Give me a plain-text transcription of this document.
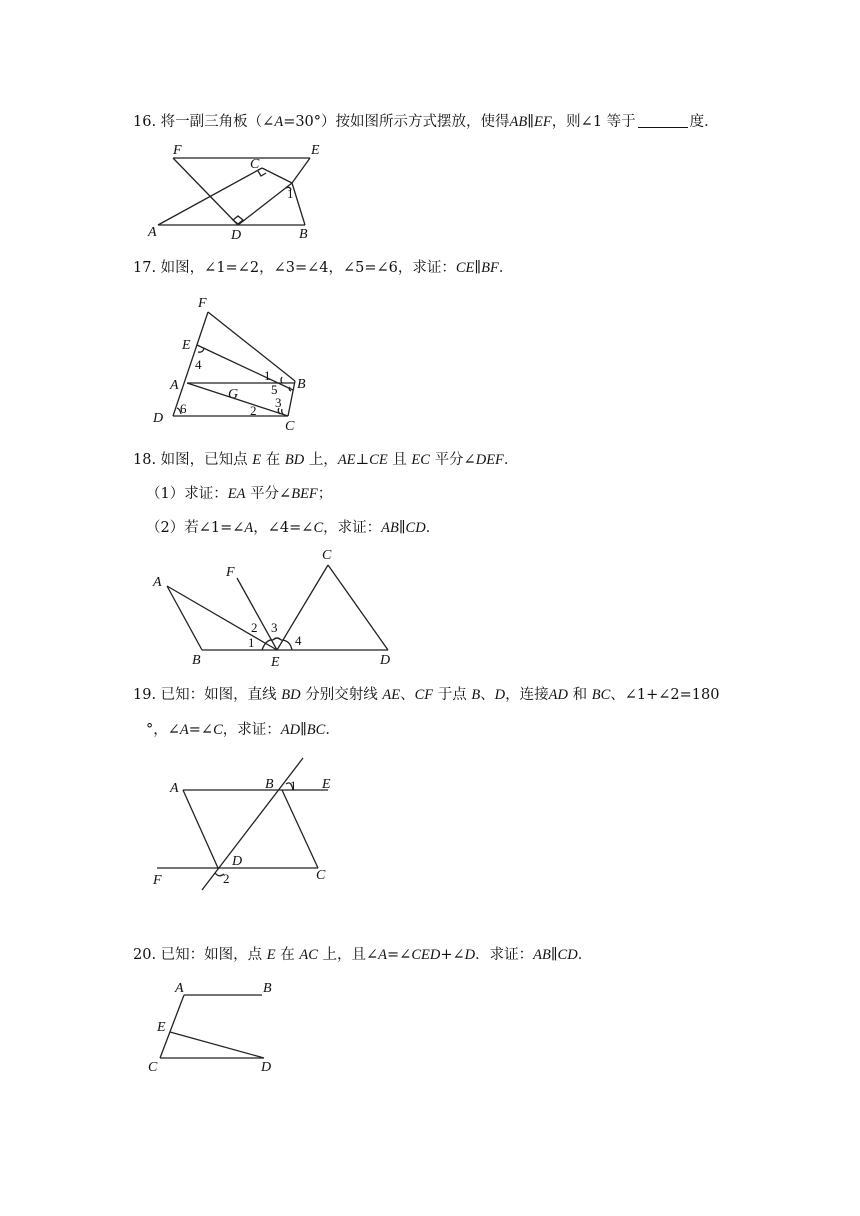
16. 将一副三角板（∠A=30°）按如图所示方式摆放，使得AB∥EF，则∠1 等于	度．
F	E
C
A	D	B
1
17. 如图，∠1=∠2，∠3=∠4，∠5=∠6，求证：CE∥BF．
F
E
A
D
G
B
C
1
2
3
4
5
6
18. 如图，已知点 E 在 BD 上，AE⊥CE 且 EC 平分∠DEF．
（1）求证：EA 平分∠BEF；
（2）若∠1=∠A，∠4=∠C，求证：AB∥CD．
A
F
C
B	E	D
1
2 3
4
19. 已知：如图，直线 BD 分别交射线 AE、CF 于点 B、D，连接AD 和 BC、∠1+∠2=180
°，∠A=∠C，求证：AD∥BC．
A	B	E
D
C
F
1
2
20. 已知：如图，点 E 在 AC 上，且∠A=∠CED+∠D．求证：AB∥CD．
A	B
E
C	D
